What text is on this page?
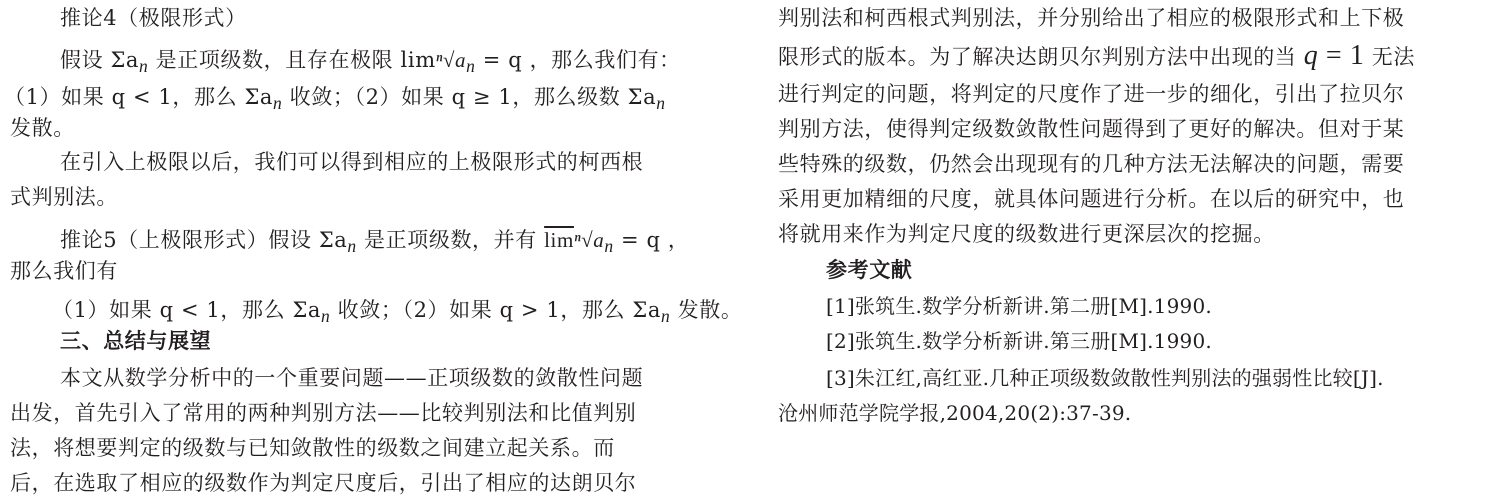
推论4（极限形式）
假设 $\Sigma a_n$ 是正项级数，且存在极限 $\lim^n√a_n = q$ ，那么我们有：
（1）如果 q < 1，那么 $\Sigma a_n$ 收敛；（2）如果 q ≥ 1，那么级数 $\Sigma a_n$
发散。
在引入上极限以后，我们可以得到相应的上极限形式的柯西根
式判别法。
推论5（上极限形式）假设 $\Sigma a_n$ 是正项级数，并有 $\overline{lim}^n√a_n = q$ ，
那么我们有
（1）如果 q < 1，那么 $\Sigma a_n$ 收敛；（2）如果 q > 1，那么 $\Sigma a_n$ 发散。
三、总结与展望
本文从数学分析中的一个重要问题——正项级数的敛散性问题
出发，首先引入了常用的两种判别方法——比较判别法和比值判别
法，将想要判定的级数与已知敛散性的级数之间建立起关系。而
后，在选取了相应的级数作为判定尺度后，引出了相应的达朗贝尔
判别法和柯西根式判别法，并分别给出了相应的极限形式和上下极
限形式的版本。为了解决达朗贝尔判别方法中出现的当 q = 1 无法
进行判定的问题，将判定的尺度作了进一步的细化，引出了拉贝尔
判别方法，使得判定级数敛散性问题得到了更好的解决。但对于某
些特殊的级数，仍然会出现现有的几种方法无法解决的问题，需要
采用更加精细的尺度，就具体问题进行分析。在以后的研究中，也
将就用来作为判定尺度的级数进行更深层次的挖掘。
参考文献
[1]张筑生.数学分析新讲.第二册[M].1990.
[2]张筑生.数学分析新讲.第三册[M].1990.
[3]朱江红,高红亚.几种正项级数敛散性判别法的强弱性比较[J].
沧州师范学院学报,2004,20(2):37-39.
